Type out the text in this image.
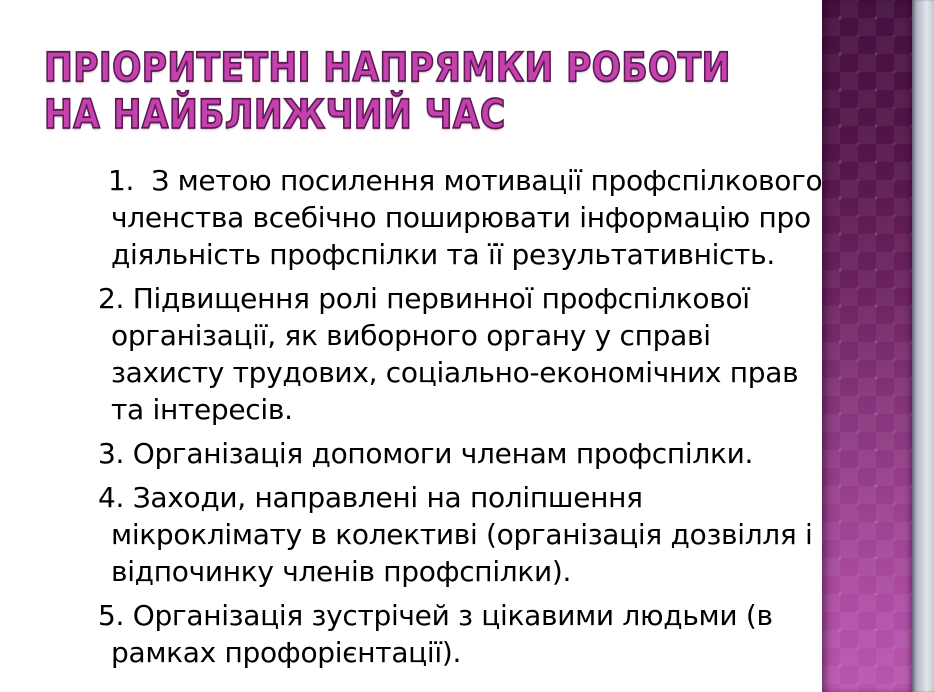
ПРІОРИТЕТНІ НАПРЯМКИ РОБОТИ
НА НАЙБЛИЖЧИЙ ЧАС
1.  З метою посилення мотивації профспілкового
членства всебічно поширювати інформацію про
діяльність профспілки та її результативність.
2. Підвищення ролі первинної профспілкової
організації, як виборного органу у справі
захисту трудових, соціально-економічних прав
та інтересів.
3. Організація допомоги членам профспілки.
4. Заходи, направлені на поліпшення
мікроклімату в колективі (організація дозвілля і
відпочинку членів профспілки).
5. Організація зустрічей з цікавими людьми (в
рамках профорієнтації).
